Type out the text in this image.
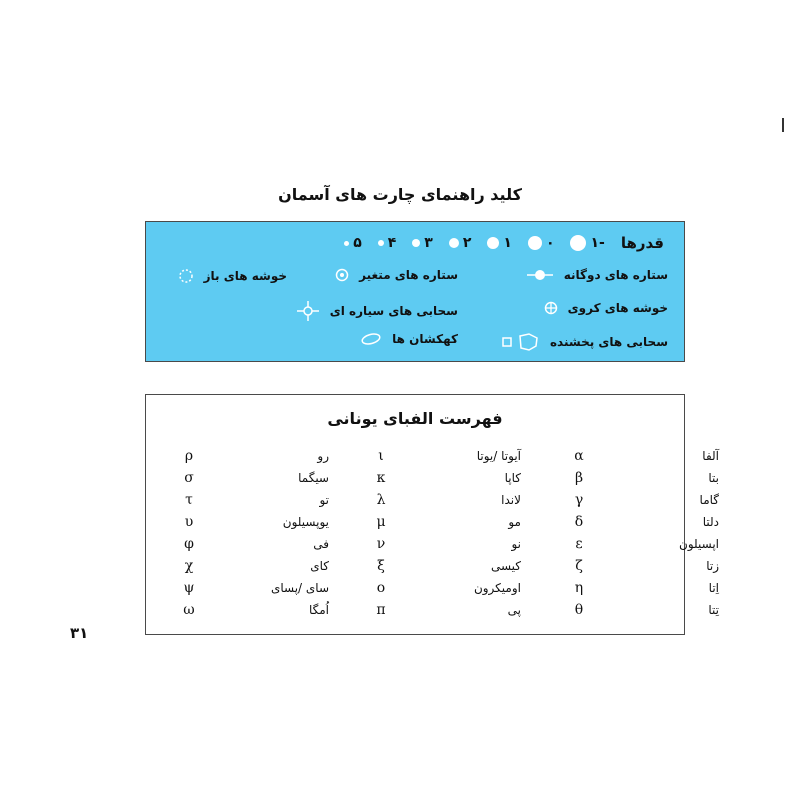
کلید راهنمای چارت های آسمان
قدرها
-۱
۰
۱
۲
۳
۴
۵
ستاره های دوگانه
ستاره های متغیر
خوشه های باز
خوشه های کروی
سحابی های سیاره ای
سحابی های پخشنده
کهکشان ها
فهرست الفبای یونانی
α	آلفا
β	بتا
γ	گاما
δ	دلتا
ε	اپسیلون
ζ	زتا
η	اِتا
θ	تِتا
ι	آیوتا /یوتا
κ	کاپا
λ	لاندا
μ	مو
ν	نو
ξ	کیسی
ο	اومیکرون
π	پی
ρ	رو
σ	سیگما
τ	تو
υ	یوپسیلون
φ	فی
χ	کای
ψ	سای /پسای
ω	اُمگا
۳۱
